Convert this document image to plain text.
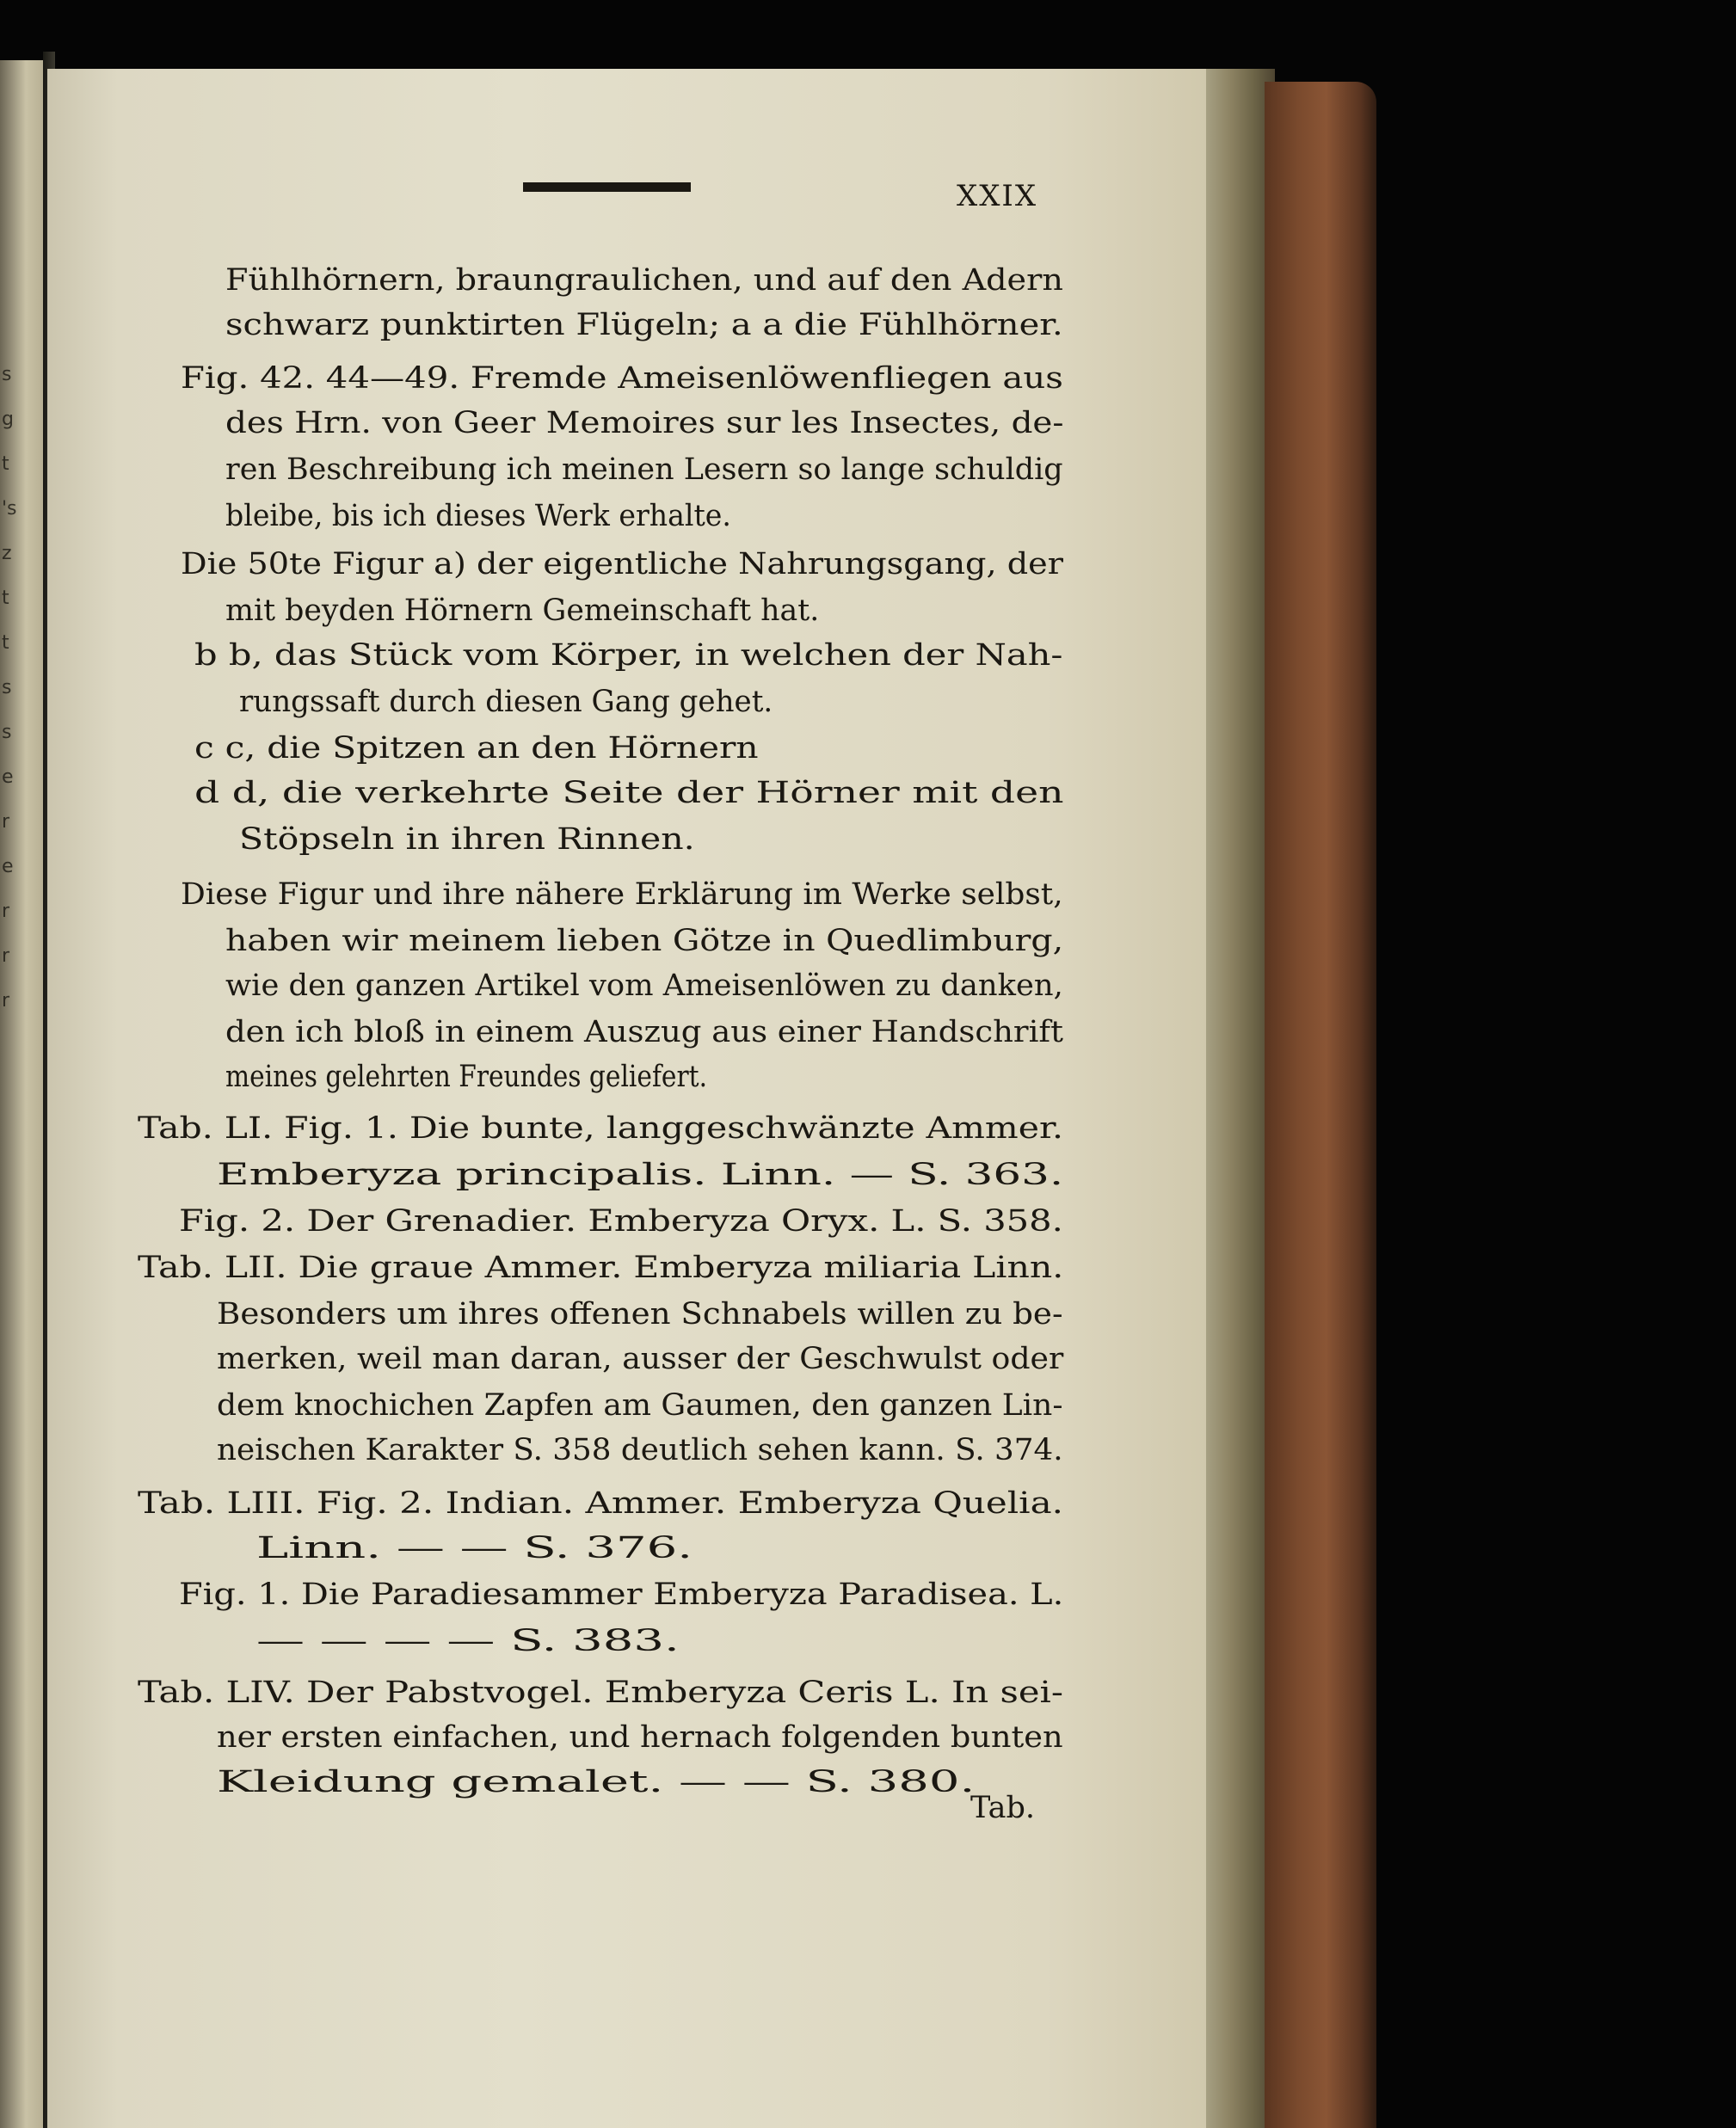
s
g
t
's
z
t
t
s
s
e
r
e
r
r
r
XXIX
Fühlhörnern, braungraulichen, und auf den Adern
schwarz punktirten Flügeln; a a die Fühlhörner.
Fig. 42. 44—49. Fremde Ameisenlöwenfliegen aus
des Hrn. von Geer Memoires sur les Insectes, de-
ren Beschreibung ich meinen Lesern so lange schuldig
bleibe, bis ich dieses Werk erhalte.
Die 50te Figur a) der eigentliche Nahrungsgang, der
mit beyden Hörnern Gemeinschaft hat.
b b, das Stück vom Körper, in welchen der Nah-
rungssaft durch diesen Gang gehet.
c c, die Spitzen an den Hörnern
d d, die verkehrte Seite der Hörner mit den
Stöpseln in ihren Rinnen.
Diese Figur und ihre nähere Erklärung im Werke selbst,
haben wir meinem lieben Götze in Quedlimburg,
wie den ganzen Artikel vom Ameisenlöwen zu danken,
den ich bloß in einem Auszug aus einer Handschrift
meines gelehrten Freundes geliefert.
Tab. LI. Fig. 1. Die bunte, langgeschwänzte Ammer.
Emberyza principalis. Linn. — S. 363.
Fig. 2. Der Grenadier. Emberyza Oryx. L. S. 358.
Tab. LII. Die graue Ammer. Emberyza miliaria Linn.
Besonders um ihres offenen Schnabels willen zu be-
merken, weil man daran, ausser der Geschwulst oder
dem knochichen Zapfen am Gaumen, den ganzen Lin-
neischen Karakter S. 358 deutlich sehen kann. S. 374.
Tab. LIII. Fig. 2. Indian. Ammer. Emberyza Quelia.
Linn. — — S. 376.
Fig. 1. Die Paradiesammer Emberyza Paradisea. L.
— — — — S. 383.
Tab. LIV. Der Pabstvogel. Emberyza Ceris L. In sei-
ner ersten einfachen, und hernach folgenden bunten
Kleidung gemalet. — — S. 380.
Tab.
